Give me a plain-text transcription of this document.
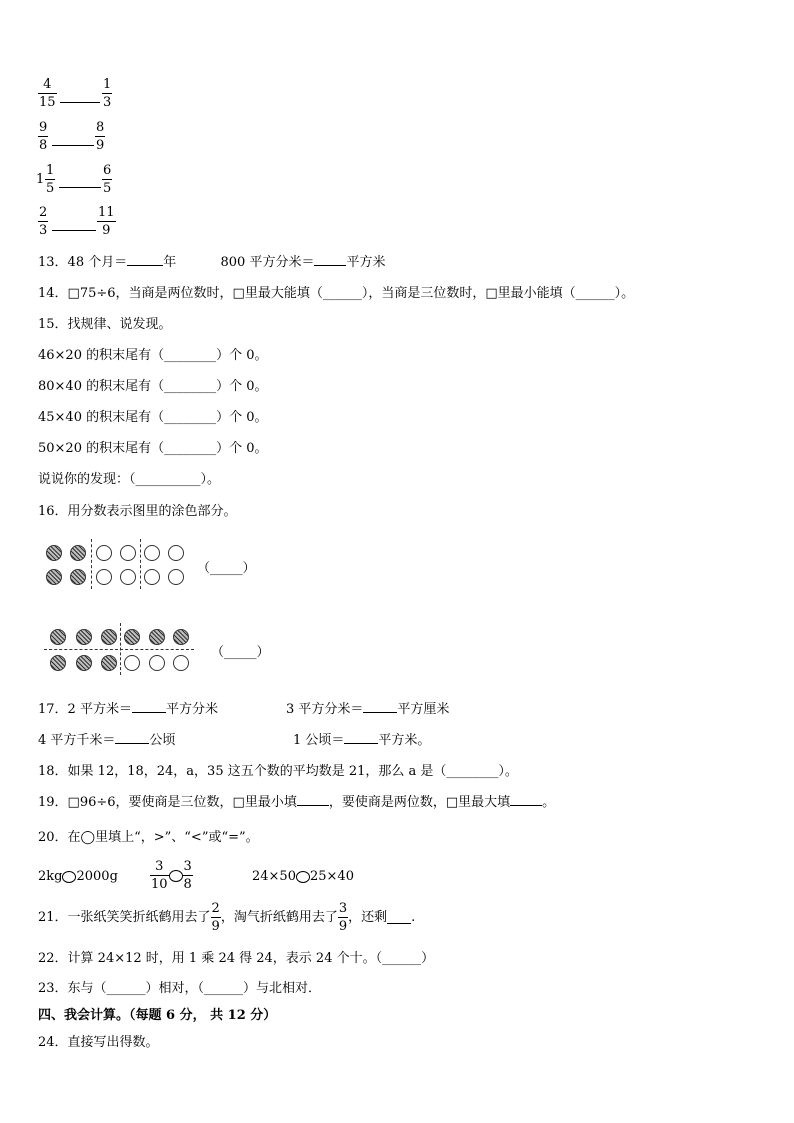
$\frac{4}{15}$	$\frac{1}{3}$
$\frac{9}{8}$	$\frac{8}{9}$
$1 \frac{1}{5}$	$\frac{6}{5}$
$\frac{2}{3}$	$\frac{11}{9}$
13．48 个月＝	年	800 平方分米＝ 平方米
14．□75÷6，当商是两位数时，□里最大能填（______），当商是三位数时，□里最小能填（______）。
15．找规律、说发现。
46×20 的积末尾有（________）个 0。
80×40 的积末尾有（________）个 0。
45×40 的积末尾有（________）个 0。
50×20 的积末尾有（________）个 0。
说说你的发现：（__________）。
16．用分数表示图里的涂色部分。
（_____）
（_____）
17．2 平方米＝	平方分米	3 平方分米＝	平方厘米
4 平方千米＝	公顷	1 公顷＝	平方米。
18．如果 12，18，24，a，35 这五个数的平均数是 21，那么 a 是（________）。
19．□96÷6，要使商是三位数，□里最小填 ，要使商是两位数，□里最大填 。
20．在◯里填上“，>”、“<”或“=”。
2kg $2000g \frac{3}{10} \frac{3}{8}$	24×50 25×40
21．一张纸笑笑折纸鹤用去了 $\frac{2}{9}$ ，淘气折纸鹤用去了 $\frac{3}{9}$ ，还剩 .
22．计算 24×12 时，用 1 乘 24 得 24，表示 24 个十。（______）
23．东与（______）相对，（______）与北相对．
四、我会计算。（每题 6 分， 共 12 分）
24．直接写出得数。
